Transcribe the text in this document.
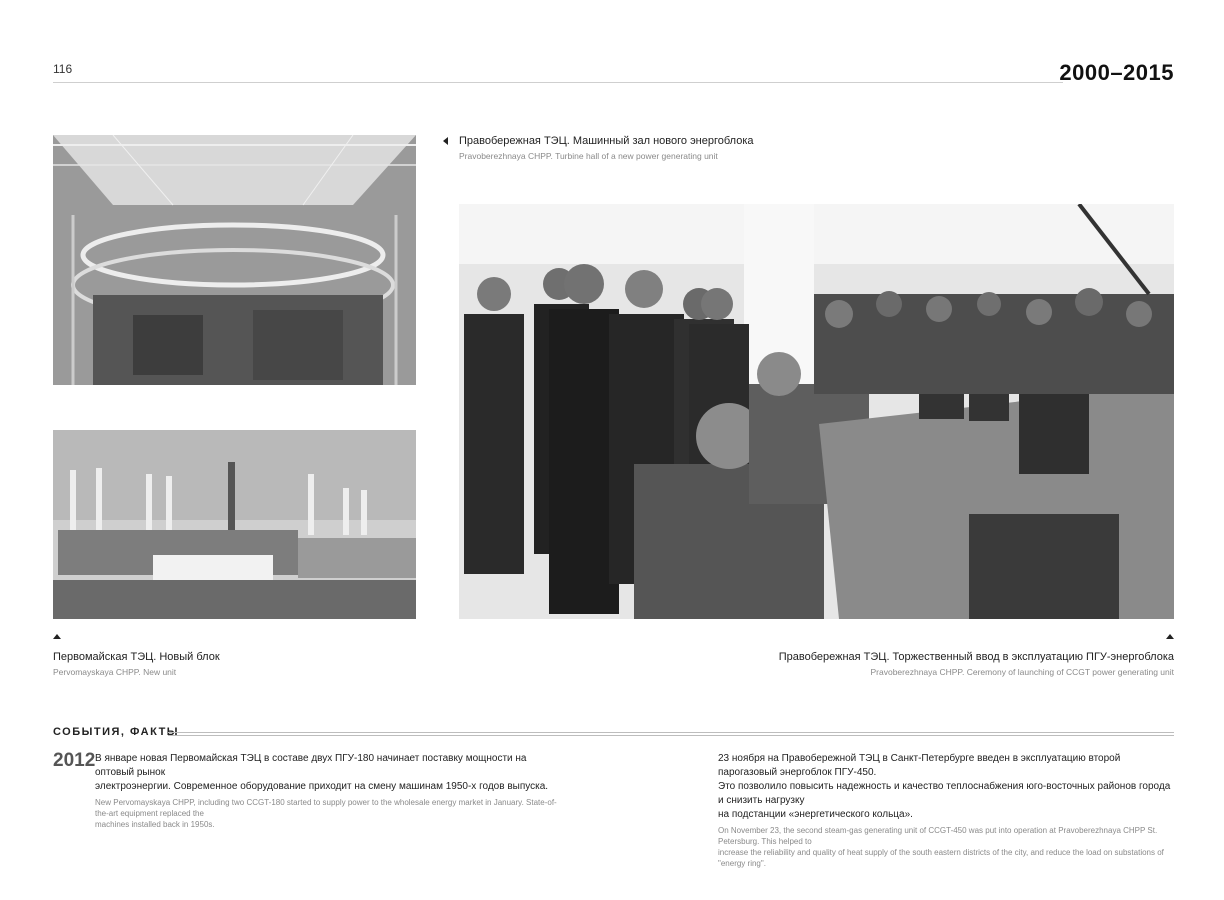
116	2000–2015
Правобережная ТЭЦ. Машинный зал нового энергоблока
Pravoberezhnaya CHPP. Turbine hall of a new power generating unit
Первомайская ТЭЦ. Новый блок
Pervomayskaya CHPP. New unit
Правобережная ТЭЦ. Торжественный ввод в эксплуатацию ПГУ-энергоблока
Pravoberezhnaya CHPP. Ceremony of launching of CCGT power generating unit
СОБЫТИЯ, ФАКТЫ
2012 В январе новая Первомайская ТЭЦ в составе двух ПГУ-180 начинает поставку мощности на оптовый рынок
электроэнергии. Современное оборудование приходит на смену машинам 1950-х годов выпуска.
New Pervomayskaya CHPP, including two CCGT-180 started to supply power to the wholesale energy market in January. State-of-the-art equipment replaced the
machines installed back in 1950s.
23 ноября на Правобережной ТЭЦ в Санкт-Петербурге введен в эксплуатацию второй парогазовый энергоблок ПГУ-450.
Это позволило повысить надежность и качество теплоснабжения юго-восточных районов города и снизить нагрузку
на подстанции «энергетического кольца».
On November 23, the second steam-gas generating unit of CCGT-450 was put into operation at Pravoberezhnaya CHPP St. Petersburg. This helped to
increase the reliability and quality of heat supply of the south eastern districts of the city, and reduce the load on substations of "energy ring".
